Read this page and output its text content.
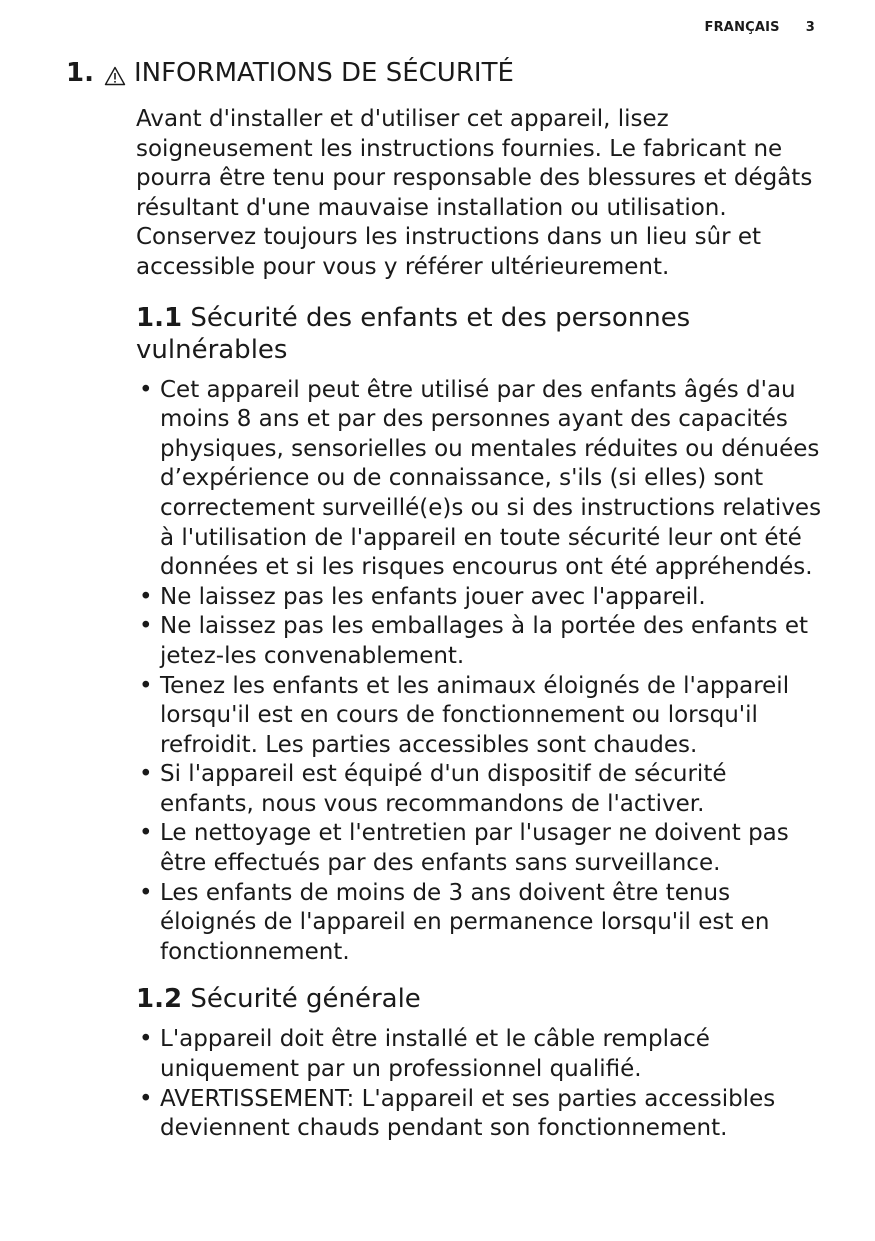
FRANÇAIS 3
1. INFORMATIONS DE SÉCURITÉ

Avant d'installer et d'utiliser cet appareil, lisez soigneusement les instructions fournies. Le fabricant ne pourra être tenu pour responsable des blessures et dégâts résultant d'une mauvaise installation ou utilisation. Conservez toujours les instructions dans un lieu sûr et accessible pour vous y référer ultérieurement.

1.1 Sécurité des enfants et des personnes vulnérables
• Cet appareil peut être utilisé par des enfants âgés d'au moins 8 ans et par des personnes ayant des capacités physiques, sensorielles ou mentales réduites ou dénuées d’expérience ou de connaissance, s'ils (si elles) sont correctement surveillé(e)s ou si des instructions relatives à l'utilisation de l'appareil en toute sécurité leur ont été données et si les risques encourus ont été appréhendés.
• Ne laissez pas les enfants jouer avec l'appareil.
• Ne laissez pas les emballages à la portée des enfants et jetez-les convenablement.
• Tenez les enfants et les animaux éloignés de l'appareil lorsqu'il est en cours de fonctionnement ou lorsqu'il refroidit. Les parties accessibles sont chaudes.
• Si l'appareil est équipé d'un dispositif de sécurité enfants, nous vous recommandons de l'activer.
• Le nettoyage et l'entretien par l'usager ne doivent pas être effectués par des enfants sans surveillance.
• Les enfants de moins de 3 ans doivent être tenus éloignés de l'appareil en permanence lorsqu'il est en fonctionnement.
1.2 Sécurité générale
• L'appareil doit être installé et le câble remplacé uniquement par un professionnel qualifié.
• AVERTISSEMENT: L'appareil et ses parties accessibles deviennent chauds pendant son fonctionnement.
